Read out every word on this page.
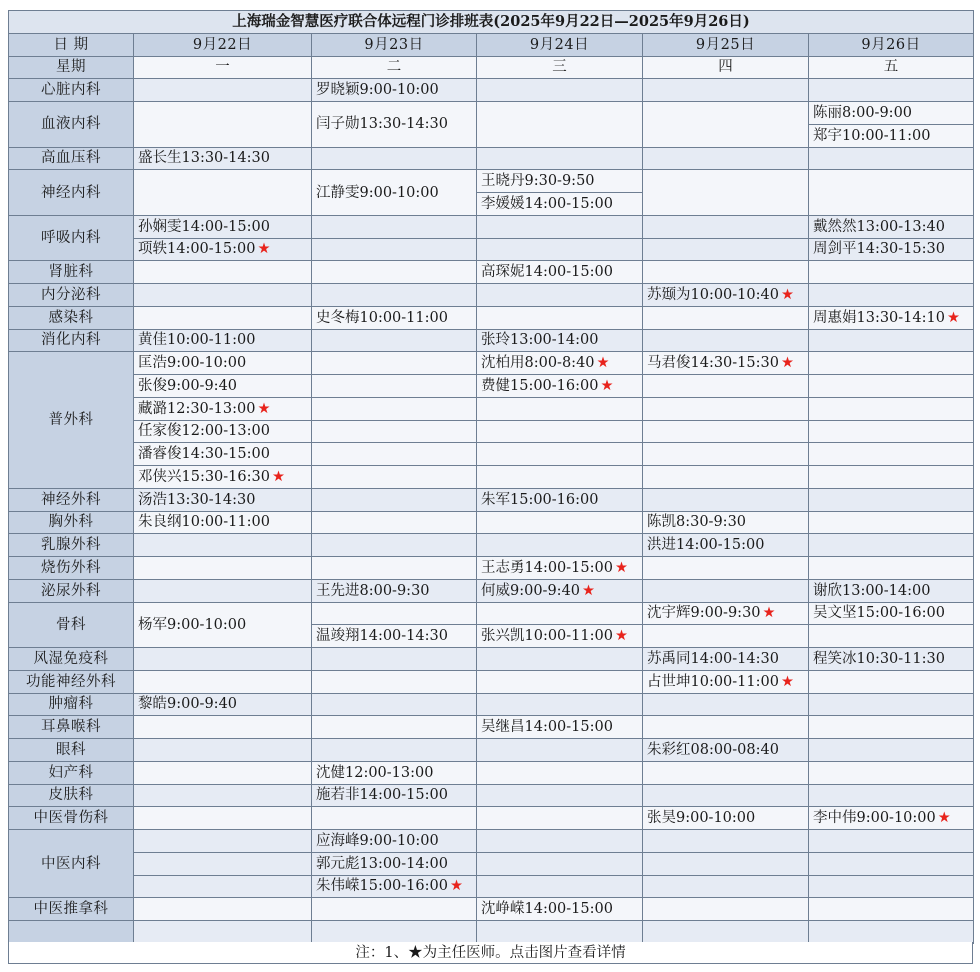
上海瑞金智慧医疗联合体远程门诊排班表(2025年9月22日—2025年9月26日)					
日 期	9月22日	9月23日	9月24日	9月25日	9月26日
星期	一	二	三	四	五
心脏内科		罗晓颖9:00-10:00			
血液内科		闫子勋13:30-14:30			陈丽8:00-9:00
					郑宇10:00-11:00
高血压科	盛长生13:30-14:30				
神经内科		江静雯9:00-10:00	王晓丹9:30-9:50		
			李媛媛14:00-15:00		
呼吸内科	孙娴雯14:00-15:00				戴然然13:00-13:40
	项轶14:00-15:00 ★				周剑平14:30-15:30
肾脏科			高琛妮14:00-15:00		
内分泌科				苏颋为10:00-10:40 ★	
感染科		史冬梅10:00-11:00			周惠娟13:30-14:10 ★
消化内科	黄佳10:00-11:00		张玲13:00-14:00		
普外科	匡浩9:00-10:00		沈柏用8:00-8:40 ★	马君俊14:30-15:30 ★	
	张俊9:00-9:40		费健15:00-16:00 ★		
	藏潞12:30-13:00 ★				
	任家俊12:00-13:00				
	潘睿俊14:30-15:00				
	邓侠兴15:30-16:30 ★				
神经外科	汤浩13:30-14:30		朱军15:00-16:00		
胸外科	朱良纲10:00-11:00			陈凯8:30-9:30	
乳腺外科				洪进14:00-15:00	
烧伤外科			王志勇14:00-15:00 ★		
泌尿外科		王先进8:00-9:30	何威9:00-9:40 ★		谢欣13:00-14:00
骨科	杨军9:00-10:00			沈宇辉9:00-9:30 ★	吴文坚15:00-16:00
		温竣翔14:00-14:30	张兴凯10:00-11:00 ★		
风湿免疫科				苏禹同14:00-14:30	程笑冰10:30-11:30
功能神经外科				占世坤10:00-11:00 ★	
肿瘤科	黎皓9:00-9:40				
耳鼻喉科			吴继昌14:00-15:00		
眼科				朱彩红08:00-08:40	
妇产科		沈健12:00-13:00			
皮肤科		施若非14:00-15:00			
中医骨伤科				张昊9:00-10:00	李中伟9:00-10:00 ★
中医内科		应海峰9:00-10:00			
		郭元彪13:00-14:00			
		朱伟嵘15:00-16:00 ★			
中医推拿科			沈峥嵘14:00-15:00		

注：1、★为主任医师。点击图片查看详情
